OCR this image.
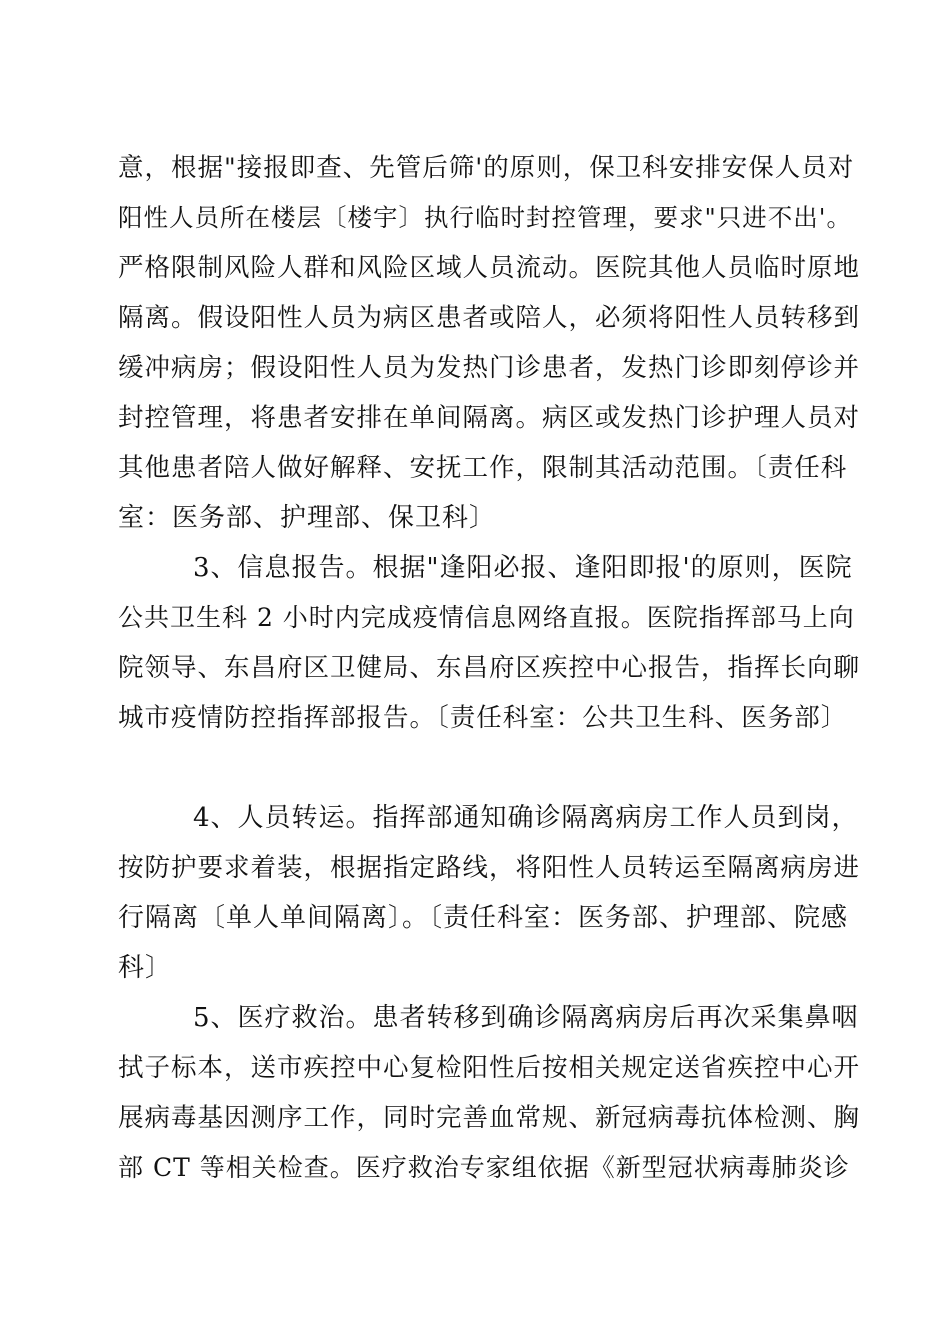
意，根据"接报即查、先管后筛'的原则，保卫科安排安保人员对
阳性人员所在楼层〔楼宇〕执行临时封控管理，要求"只进不出'。
严格限制风险人群和风险区域人员流动。医院其他人员临时原地
隔离。假设阳性人员为病区患者或陪人，必须将阳性人员转移到
缓冲病房；假设阳性人员为发热门诊患者，发热门诊即刻停诊并
封控管理，将患者安排在单间隔离。病区或发热门诊护理人员对
其他患者陪人做好解释、安抚工作，限制其活动范围。〔责任科
室：医务部、护理部、保卫科〕
3、信息报告。根据"逢阳必报、逢阳即报'的原则，医院
公共卫生科 2 小时内完成疫情信息网络直报。医院指挥部马上向
院领导、东昌府区卫健局、东昌府区疾控中心报告，指挥长向聊
城市疫情防控指挥部报告。〔责任科室：公共卫生科、医务部〕
4、人员转运。指挥部通知确诊隔离病房工作人员到岗，
按防护要求着装，根据指定路线，将阳性人员转运至隔离病房进
行隔离〔单人单间隔离〕。〔责任科室：医务部、护理部、院感
科〕
5、医疗救治。患者转移到确诊隔离病房后再次采集鼻咽
拭子标本，送市疾控中心复检阳性后按相关规定送省疾控中心开
展病毒基因测序工作，同时完善血常规、新冠病毒抗体检测、胸
部 CT 等相关检查。医疗救治专家组依据《新型冠状病毒肺炎诊
